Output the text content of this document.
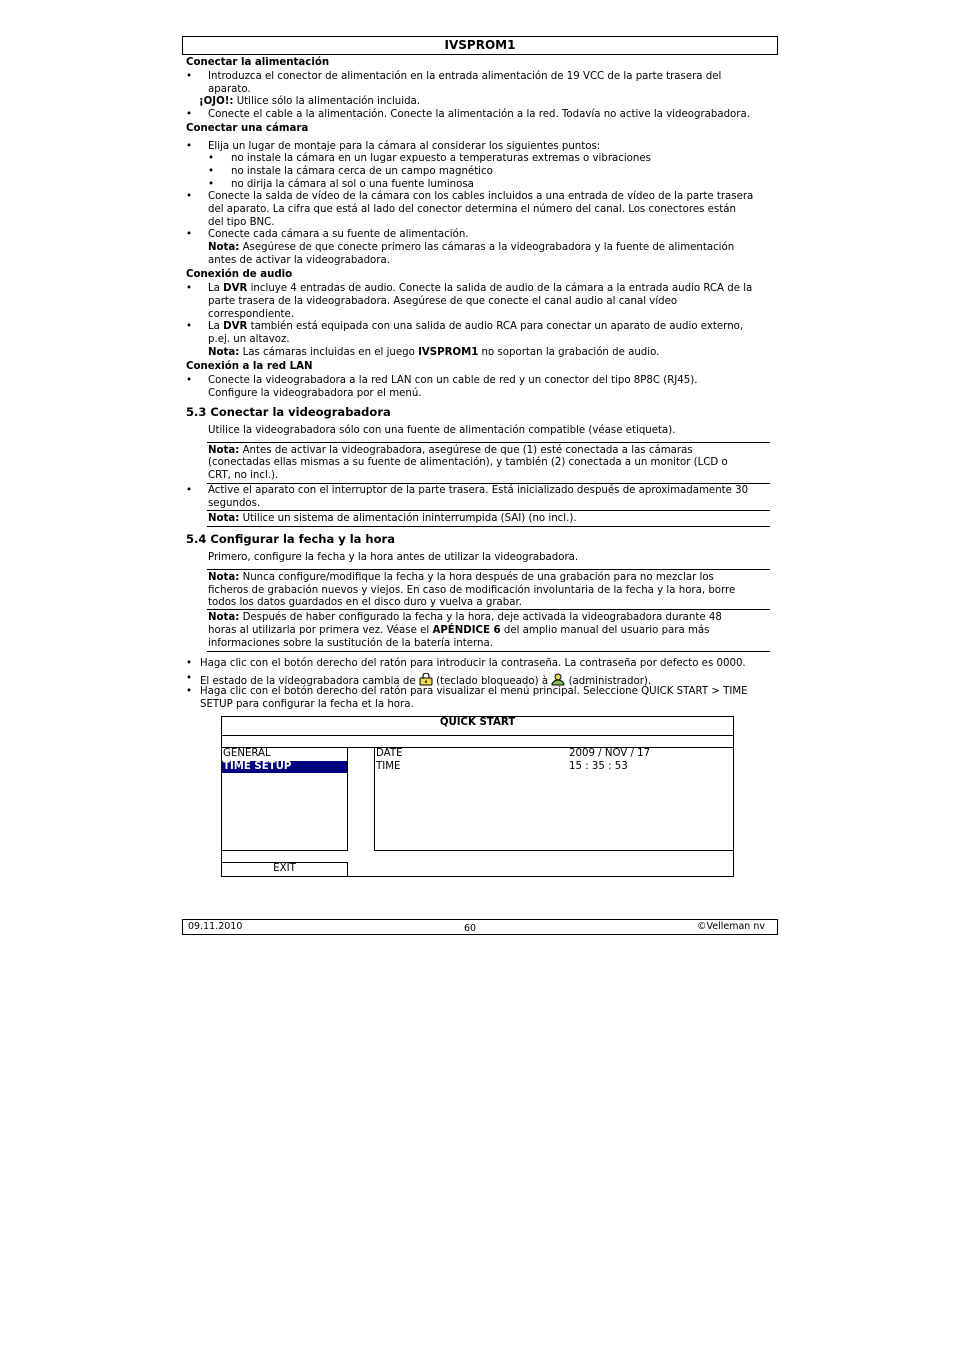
IVSPROM1
Conectar la alimentación
• Introduzca el conector de alimentación en la entrada alimentación de 19 VCC de la parte trasera del
aparato.
¡OJO!: Utilice sólo la alimentación incluida.
• Conecte el cable a la alimentación. Conecte la alimentación a la red. Todavía no active la videograbadora.
Conectar una cámara
• Elija un lugar de montaje para la cámara al considerar los siguientes puntos:
• no instale la cámara en un lugar expuesto a temperaturas extremas o vibraciones
• no instale la cámara cerca de un campo magnético
• no dirija la cámara al sol o una fuente luminosa
• Conecte la salda de vídeo de la cámara con los cables incluidos a una entrada de vídeo de la parte trasera
del aparato. La cifra que está al lado del conector determina el número del canal. Los conectores están
del tipo BNC.
• Conecte cada cámara a su fuente de alimentación.
Nota: Asegúrese de que conecte primero las cámaras a la videograbadora y la fuente de alimentación
antes de activar la videograbadora.
Conexión de audio
• La DVR incluye 4 entradas de audio. Conecte la salida de audio de la cámara a la entrada audio RCA de la
parte trasera de la videograbadora. Asegúrese de que conecte el canal audio al canal vídeo
correspondiente.
• La DVR también está equipada con una salida de audio RCA para conectar un aparato de audio externo,
p.ej. un altavoz.
Nota: Las cámaras incluidas en el juego IVSPROM1 no soportan la grabación de audio.
Conexión a la red LAN
• Conecte la videograbadora a la red LAN con un cable de red y un conector del tipo 8P8C (RJ45).
Configure la videograbadora por el menú.
5.3 Conectar la videograbadora
Utilice la videograbadora sólo con una fuente de alimentación compatible (véase etiqueta).
Nota: Antes de activar la videograbadora, asegúrese de que (1) esté conectada a las cámaras
(conectadas ellas mismas a su fuente de alimentación), y también (2) conectada a un monitor (LCD o
CRT, no incl.).
• Active el aparato con el interruptor de la parte trasera. Está inicializado después de aproximadamente 30
segundos.
Nota: Utilice un sistema de alimentación ininterrumpida (SAI) (no incl.).
5.4 Configurar la fecha y la hora
Primero, configure la fecha y la hora antes de utilizar la videograbadora.
Nota: Nunca configure/modifique la fecha y la hora después de una grabación para no mezclar los
ficheros de grabación nuevos y viejos. En caso de modificación involuntaria de la fecha y la hora, borre
todos los datos guardados en el disco duro y vuelva a grabar.
Nota: Después de haber configurado la fecha y la hora, deje activada la videograbadora durante 48
horas al utilizarla por primera vez. Véase el APÉNDICE 6 del amplio manual del usuario para más
informaciones sobre la sustitución de la batería interna.
• Haga clic con el botón derecho del ratón para introducir la contraseña. La contraseña por defecto es 0000.
• El estado de la videograbadora cambia de  (teclado bloqueado) à  (administrador).
• Haga clic con el botón derecho del ratón para visualizar el menú principal. Seleccione QUICK START > TIME
SETUP para configurar la fecha et la hora.
QUICK START
GENERAL
TIME SETUP
DATE	2009 / NOV / 17
TIME	15 : 35 : 53
EXIT
09.11.2010	60	©Velleman nv
